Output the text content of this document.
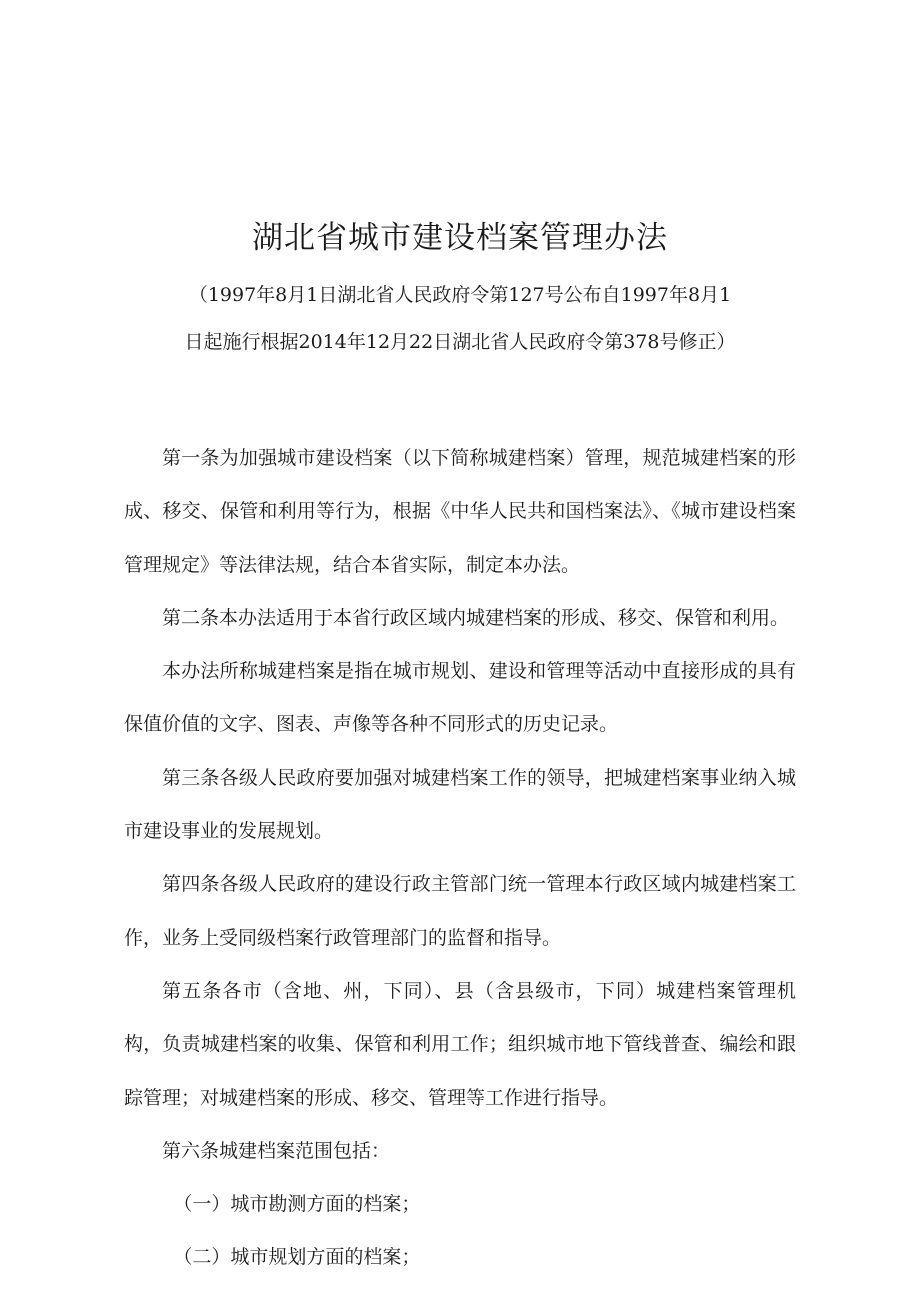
湖北省城市建设档案管理办法
（1997年8月1日湖北省人民政府令第127号公布自1997年8月1
日起施行根据2014年12月22日湖北省人民政府令第378号修正）

第一条为加强城市建设档案（以下简称城建档案）管理，规范城建档案的形成、移交、保管和利用等行为，根据《中华人民共和国档案法》、《城市建设档案管理规定》等法律法规，结合本省实际，制定本办法。

第二条本办法适用于本省行政区域内城建档案的形成、移交、保管和利用。

本办法所称城建档案是指在城市规划、建设和管理等活动中直接形成的具有保值价值的文字、图表、声像等各种不同形式的历史记录。

第三条各级人民政府要加强对城建档案工作的领导，把城建档案事业纳入城市建设事业的发展规划。

第四条各级人民政府的建设行政主管部门统一管理本行政区域内城建档案工作，业务上受同级档案行政管理部门的监督和指导。

第五条各市（含地、州，下同）、县（含县级市，下同）城建档案管理机构，负责城建档案的收集、保管和利用工作；组织城市地下管线普查、编绘和跟踪管理；对城建档案的形成、移交、管理等工作进行指导。

第六条城建档案范围包括：

（一）城市勘测方面的档案；

（二）城市规划方面的档案；
